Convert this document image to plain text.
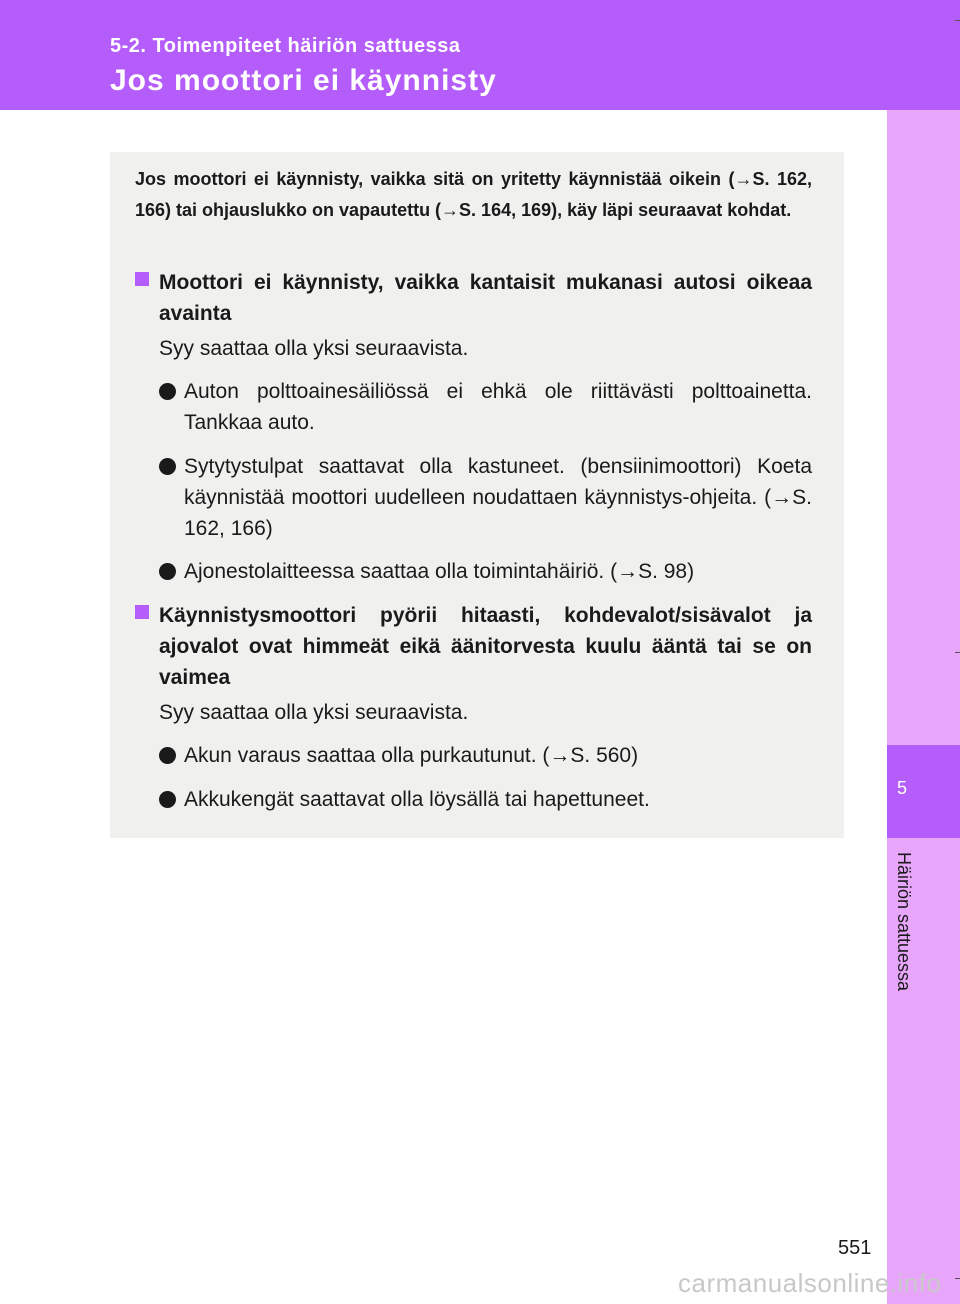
5-2. Toimenpiteet häiriön sattuessa
Jos moottori ei käynnisty
5
Häiriön sattuessa
Jos moottori ei käynnisty, vaikka sitä on yritetty käynnistää oikein (→S. 162, 166) tai ohjauslukko on vapautettu (→S. 164, 169), käy läpi seuraavat kohdat.
Moottori ei käynnisty, vaikka kantaisit mukanasi autosi oikeaa avainta
Syy saattaa olla yksi seuraavista.
Auton polttoainesäiliössä ei ehkä ole riittävästi polttoainetta. Tankkaa auto.
Sytytystulpat saattavat olla kastuneet. (bensiinimoottori) Koeta käynnistää moottori uudelleen noudattaen käynnistys-ohjeita. (→S. 162, 166)
Ajonestolaitteessa saattaa olla toimintahäiriö. (→S. 98)
Käynnistysmoottori pyörii hitaasti, kohdevalot/sisävalot ja ajovalot ovat himmeät eikä äänitorvesta kuulu ääntä tai se on vaimea
Syy saattaa olla yksi seuraavista.
Akun varaus saattaa olla purkautunut. (→S. 560)
Akkukengät saattavat olla löysällä tai hapettuneet.
551
carmanualsonline.info
